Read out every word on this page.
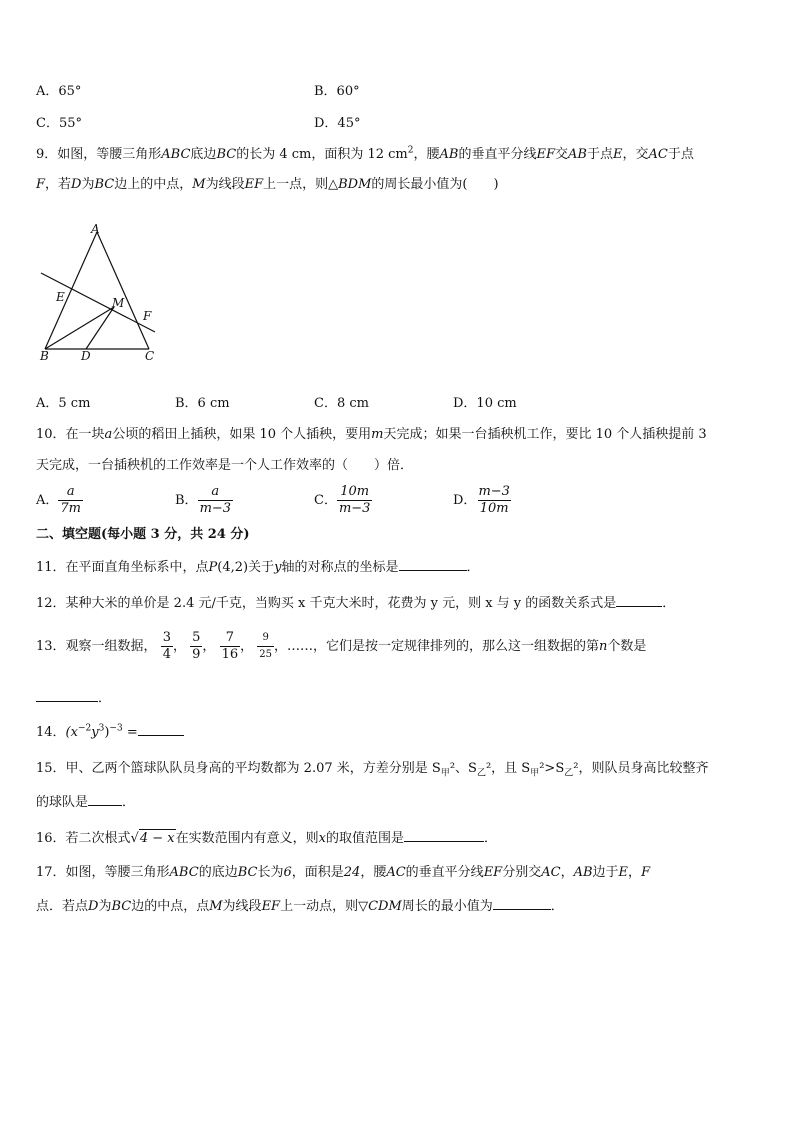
A．65°	B．60°
C．55°	D．45°
9．如图，等腰三角形ABC底边BC的长为 4 cm，面积为 12 $cm^2$，腰AB的垂直平分线EF交AB于点E，交AC于点
F，若D为BC边上的中点，M为线段EF上一点，则△BDM的周长最小值为(　　)
A
E	M
F
B	D	C
A．5 cm	B．6 cm	C．8 cm	D．10 cm
10．在一块a公顷的稻田上插秧，如果 10 个人插秧，要用m天完成；如果一台插秧机工作，要比 10 个人插秧提前 3
天完成，一台插秧机的工作效率是一个人工作效率的（　　）倍．
A． $\frac{a}{7m}$	B． $\frac{a}{m-3}$	C． $\frac{10m}{m-3}$	D． $\frac{m-3}{10m}$
二、填空题(每小题 3 分，共 24 分)
11．在平面直角坐标系中，点P(4,2)关于y轴的对称点的坐标是	．
12．某种大米的单价是 2.4 元/千克，当购买 x 千克大米时，花费为 y 元，则 x 与 y 的函数关系式是	．
13．观察一组数据， $\frac{3}{4}$ ， $\frac{5}{9}$ ， $\frac{7}{16}$ ， $\frac{9}{25}$ ，……，它们是按一定规律排列的，那么这一组数据的第n个数是
．
14．$(x^{-2}y^3)^{-3}$ =
15．甲、乙两个篮球队队员身高的平均数都为 2.07 米，方差分别是 $S_甲^2$、$S_乙^2$，且 $S_甲^2>S_乙^2$，则队员身高比较整齐
的球队是	．
16．若二次根式√4 − x在实数范围内有意义，则x的取值范围是	．
17．如图，等腰三角形ABC的底边BC长为6，面积是24，腰AC的垂直平分线EF分别交AC，AB边于E，F
点．若点D为BC边的中点，点M为线段EF上一动点，则▽CDM周长的最小值为	．
